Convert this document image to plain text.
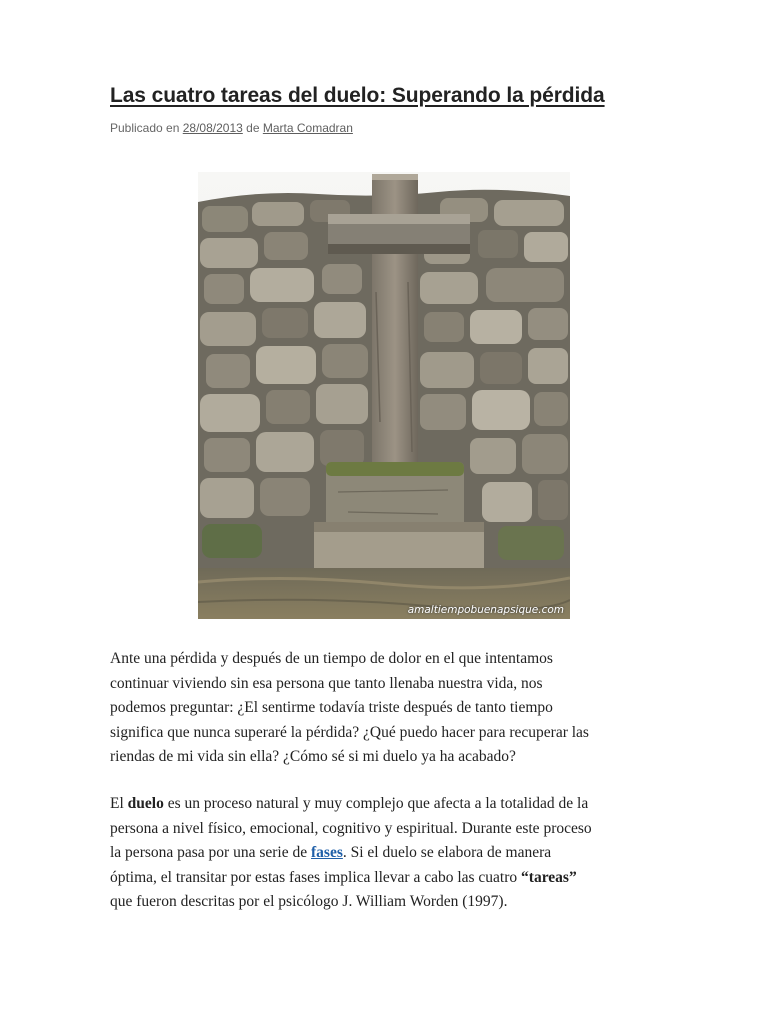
Las cuatro tareas del duelo: Superando la pérdida
Publicado en 28/08/2013 de Marta Comadran
amaltiempobuenapsique.com

Ante una pérdida y después de un tiempo de dolor en el que intentamos
continuar viviendo sin esa persona que tanto llenaba nuestra vida, nos
podemos preguntar: ¿El sentirme todavía triste después de tanto tiempo
significa que nunca superaré la pérdida? ¿Qué puedo hacer para recuperar las
riendas de mi vida sin ella? ¿Cómo sé si mi duelo ya ha acabado?

El duelo es un proceso natural y muy complejo que afecta a la totalidad de la
persona a nivel físico, emocional, cognitivo y espiritual. Durante este proceso
la persona pasa por una serie de fases. Si el duelo se elabora de manera
óptima, el transitar por estas fases implica llevar a cabo las cuatro “tareas”
que fueron descritas por el psicólogo J. William Worden (1997).
